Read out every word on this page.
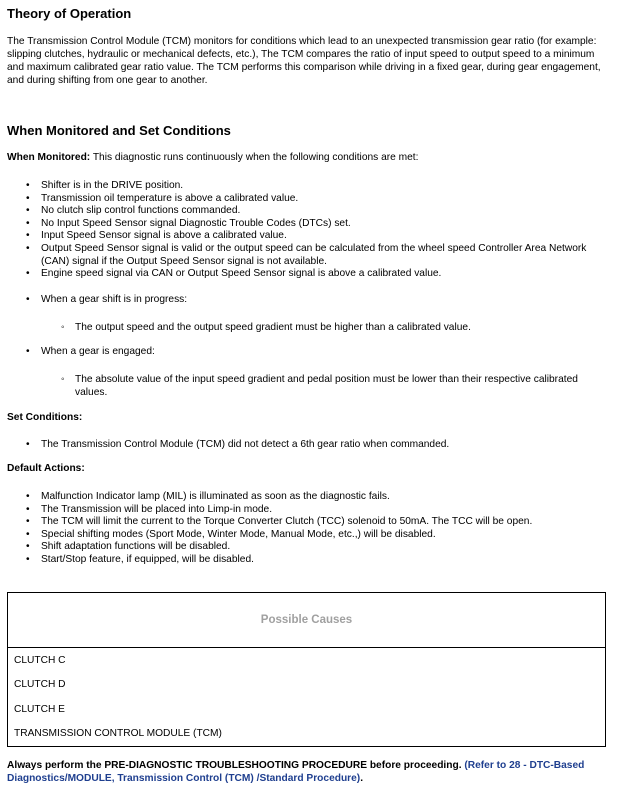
Theory of Operation

The Transmission Control Module (TCM) monitors for conditions which lead to an unexpected transmission gear ratio (for example: slipping clutches, hydraulic or mechanical defects, etc.), The TCM compares the ratio of input speed to output speed to a minimum and maximum calibrated gear ratio value. The TCM performs this comparison while driving in a fixed gear, during gear engagement, and during shifting from one gear to another.

When Monitored and Set Conditions

When Monitored: This diagnostic runs continuously when the following conditions are met:

• Shifter is in the DRIVE position.
• Transmission oil temperature is above a calibrated value.
• No clutch slip control functions commanded.
• No Input Speed Sensor signal Diagnostic Trouble Codes (DTCs) set.
• Input Speed Sensor signal is above a calibrated value.
• Output Speed Sensor signal is valid or the output speed can be calculated from the wheel speed Controller Area Network (CAN) signal if the Output Speed Sensor signal is not available.
• Engine speed signal via CAN or Output Speed Sensor signal is above a calibrated value.
• When a gear shift is in progress:
◦ The output speed and the output speed gradient must be higher than a calibrated value.
• When a gear is engaged:
◦ The absolute value of the input speed gradient and pedal position must be lower than their respective calibrated values.

Set Conditions:

• The Transmission Control Module (TCM) did not detect a 6th gear ratio when commanded.

Default Actions:

• Malfunction Indicator lamp (MIL) is illuminated as soon as the diagnostic fails.
• The Transmission will be placed into Limp-in mode.
• The TCM will limit the current to the Torque Converter Clutch (TCC) solenoid to 50mA. The TCC will be open.
• Special shifting modes (Sport Mode, Winter Mode, Manual Mode, etc.,) will be disabled.
• Shift adaptation functions will be disabled.
• Start/Stop feature, if equipped, will be disabled.
Possible Causes
CLUTCH C
CLUTCH D
CLUTCH E
TRANSMISSION CONTROL MODULE (TCM)

Always perform the PRE-DIAGNOSTIC TROUBLESHOOTING PROCEDURE before proceeding. (Refer to 28 - DTC-Based Diagnostics/MODULE, Transmission Control (TCM) /Standard Procedure).
